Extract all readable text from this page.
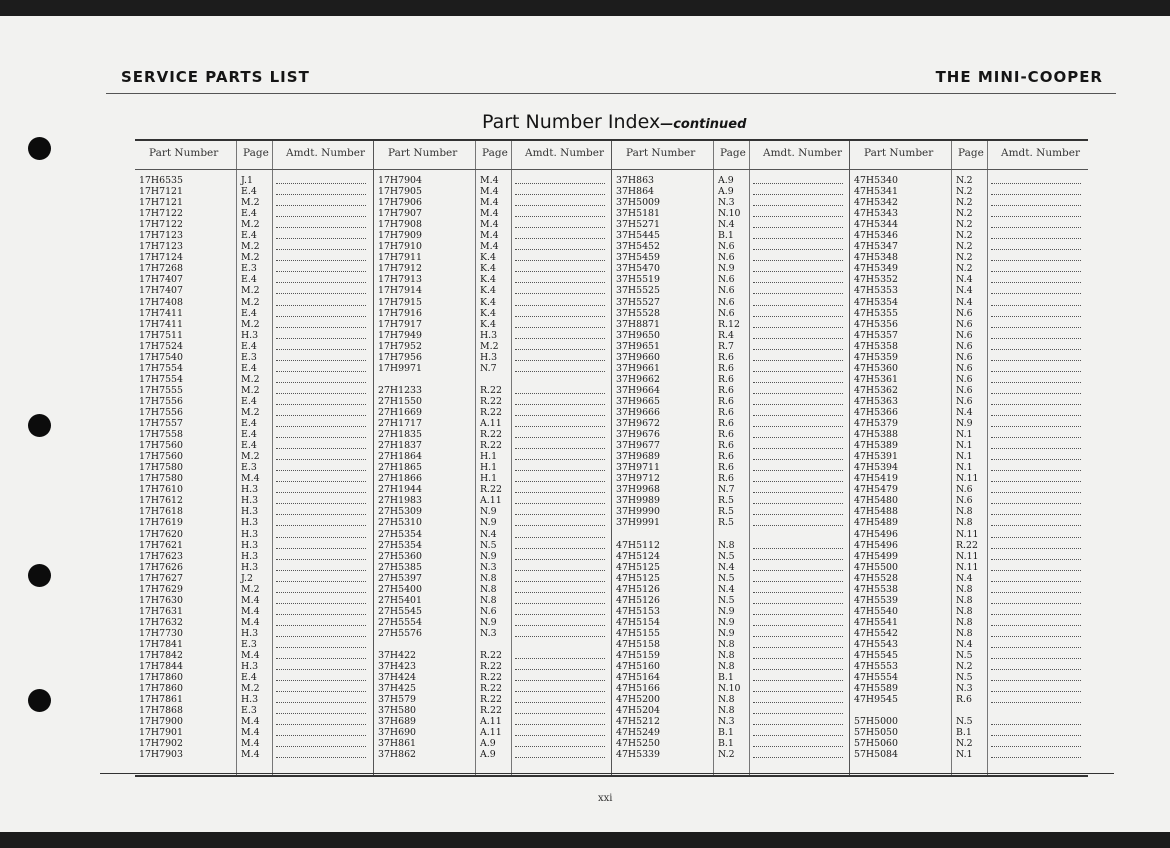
SERVICE PARTS LIST	THE MINI-COOPER
Part Number Index—continued
Part Number Page Amdt. Number
17H6535	J.1
17H7121	E.4
17H7121	M.2
17H7122	E.4
17H7122	M.2
17H7123	E.4
17H7123	M.2
17H7124	M.2
17H7268	E.3
17H7407	E.4
17H7407	M.2
17H7408	M.2
17H7411	E.4
17H7411	M.2
17H7511	H.3
17H7524	E.4
17H7540	E.3
17H7554	E.4
17H7554	M.2
17H7555	M.2
17H7556	E.4
17H7556	M.2
17H7557	E.4
17H7558	E.4
17H7560	E.4
17H7560	M.2
17H7580	E.3
17H7580	M.4
17H7610	H.3
17H7612	H.3
17H7618	H.3
17H7619	H.3
17H7620	H.3
17H7621	H.3
17H7623	H.3
17H7626	H.3
17H7627	J.2
17H7629	M.2
17H7630	M.4
17H7631	M.4
17H7632	M.4
17H7730	H.3
17H7841	E.3
17H7842	M.4
17H7844	H.3
17H7860	E.4
17H7860	M.2
17H7861	H.3
17H7868	E.3
17H7900	M.4
17H7901	M.4
17H7902	M.4
17H7903	M.4
Part Number Page Amdt. Number
17H7904	M.4
17H7905	M.4
17H7906	M.4
17H7907	M.4
17H7908	M.4
17H7909	M.4
17H7910	M.4
17H7911	K.4
17H7912	K.4
17H7913	K.4
17H7914	K.4
17H7915	K.4
17H7916	K.4
17H7917	K.4
17H7949	H.3
17H7952	M.2
17H7956	H.3
17H9971	N.7
27H1233	R.22
27H1550	R.22
27H1669	R.22
27H1717	A.11
27H1835	R.22
27H1837	R.22
27H1864	H.1
27H1865	H.1
27H1866	H.1
27H1944	R.22
27H1983	A.11
27H5309	N.9
27H5310	N.9
27H5354	N.4
27H5354	N.5
27H5360	N.9
27H5385	N.3
27H5397	N.8
27H5400	N.8
27H5401	N.8
27H5545	N.6
27H5554	N.9
27H5576	N.3
37H422	R.22
37H423	R.22
37H424	R.22
37H425	R.22
37H579	R.22
37H580	R.22
37H689	A.11
37H690	A.11
37H861	A.9
37H862	A.9
Part Number Page Amdt. Number
37H863	A.9
37H864	A.9
37H5009	N.3
37H5181	N.10
37H5271	N.4
37H5445	B.1
37H5452	N.6
37H5459	N.6
37H5470	N.9
37H5519	N.6
37H5525	N.6
37H5527	N.6
37H5528	N.6
37H8871	R.12
37H9650	R.4
37H9651	R.7
37H9660	R.6
37H9661	R.6
37H9662	R.6
37H9664	R.6
37H9665	R.6
37H9666	R.6
37H9672	R.6
37H9676	R.6
37H9677	R.6
37H9689	R.6
37H9711	R.6
37H9712	R.6
37H9968	N.7
37H9989	R.5
37H9990	R.5
37H9991	R.5
47H5112	N.8
47H5124	N.5
47H5125	N.4
47H5125	N.5
47H5126	N.4
47H5126	N.5
47H5153	N.9
47H5154	N.9
47H5155	N.9
47H5158	N.8
47H5159	N.8
47H5160	N.8
47H5164	B.1
47H5166	N.10
47H5200	N.8
47H5204	N.8
47H5212	N.3
47H5249	B.1
47H5250	B.1
47H5339	N.2
Part Number Page Amdt. Number
47H5340	N.2
47H5341	N.2
47H5342	N.2
47H5343	N.2
47H5344	N.2
47H5346	N.2
47H5347	N.2
47H5348	N.2
47H5349	N.2
47H5352	N.4
47H5353	N.4
47H5354	N.4
47H5355	N.6
47H5356	N.6
47H5357	N.6
47H5358	N.6
47H5359	N.6
47H5360	N.6
47H5361	N.6
47H5362	N.6
47H5363	N.6
47H5366	N.4
47H5379	N.9
47H5388	N.1
47H5389	N.1
47H5391	N.1
47H5394	N.1
47H5419	N.11
47H5479	N.6
47H5480	N.6
47H5488	N.8
47H5489	N.8
47H5496	N.11
47H5496	R.22
47H5499	N.11
47H5500	N.11
47H5528	N.4
47H5538	N.8
47H5539	N.8
47H5540	N.8
47H5541	N.8
47H5542	N.8
47H5543	N.4
47H5545	N.5
47H5553	N.2
47H5554	N.5
47H5589	N.3
47H9545	R.6
57H5000	N.5
57H5050	B.1
57H5060	N.2
57H5084	N.1
xxi
